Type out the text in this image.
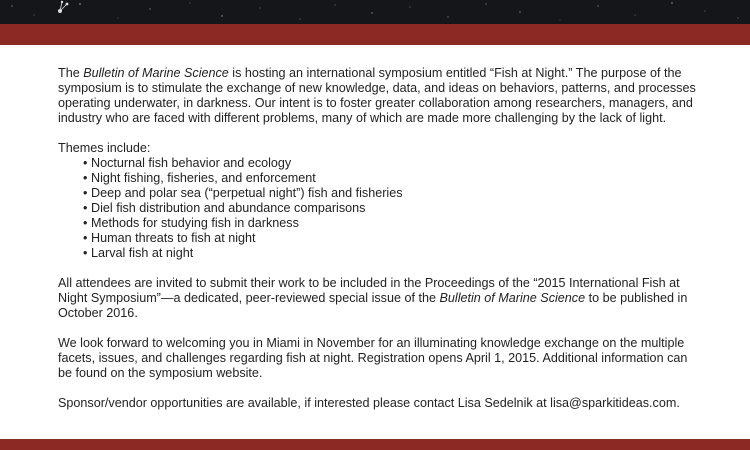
The Bulletin of Marine Science is hosting an international symposium entitled “Fish at Night.” The purpose of the symposium is to stimulate the exchange of new knowledge, data, and ideas on behaviors, patterns, and processes operating underwater, in darkness. Our intent is to foster greater collaboration among researchers, managers, and industry who are faced with different problems, many of which are made more challenging by the lack of light.

Themes include:
• Nocturnal fish behavior and ecology
• Night fishing, fisheries, and enforcement
• Deep and polar sea (“perpetual night”) fish and fisheries
• Diel fish distribution and abundance comparisons
• Methods for studying fish in darkness
• Human threats to fish at night
• Larval fish at night

All attendees are invited to submit their work to be included in the Proceedings of the “2015 International Fish at Night Symposium”—a dedicated, peer-reviewed special issue of the Bulletin of Marine Science to be published in October 2016.

We look forward to welcoming you in Miami in November for an illuminating knowledge exchange on the multiple facets, issues, and challenges regarding fish at night. Registration opens April 1, 2015. Additional information can be found on the symposium website.

Sponsor/vendor opportunities are available, if interested please contact Lisa Sedelnik at lisa@sparkitideas.com.
